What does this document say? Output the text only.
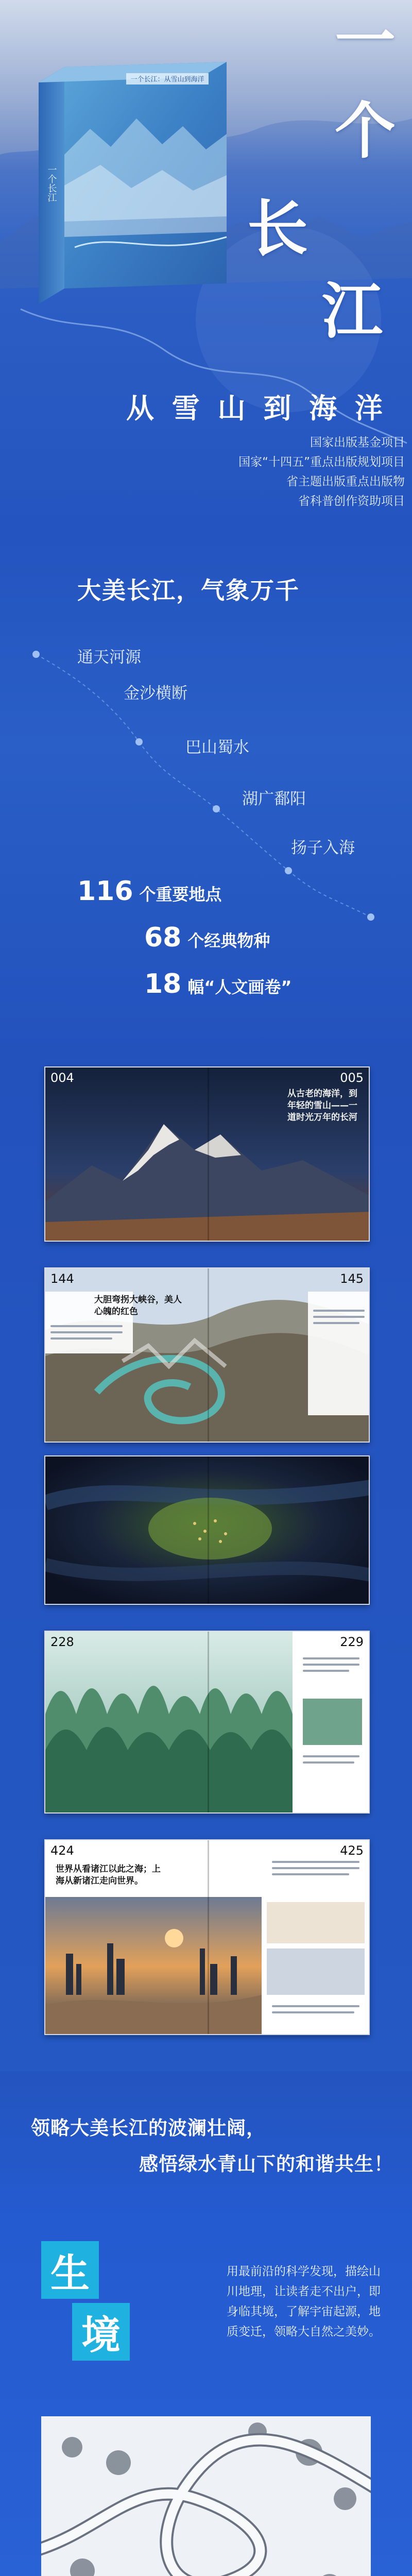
一个长江：从雪山到海洋
一个长江
一
个
长
江
从 雪 山 到 海 洋
国家出版基金项目
国家“十四五”重点出版规划项目
省主题出版重点出版物
省科普创作资助项目
大美长江，气象万千
通天河源
金沙横断
巴山蜀水
湖广鄱阳
扬子入海
116 个重要地点
68 个经典物种
18 幅“人文画卷”
004	005
从古老的海洋，到年轻的雪山——一道时光万年的长河
144	145
大胆弯拐大峡谷，美人心魄的红色
228	229
424	425
世界从看诸江以此之海；上海从新诸江走向世界。
领略大美长江的波澜壮阔，
感悟绿水青山下的和谐共生！
生
境
用最前沿的科学发现，描绘山川地理，让读者走不出户，即身临其境，了解宇宙起源，地质变迁，领略大自然之美妙。
